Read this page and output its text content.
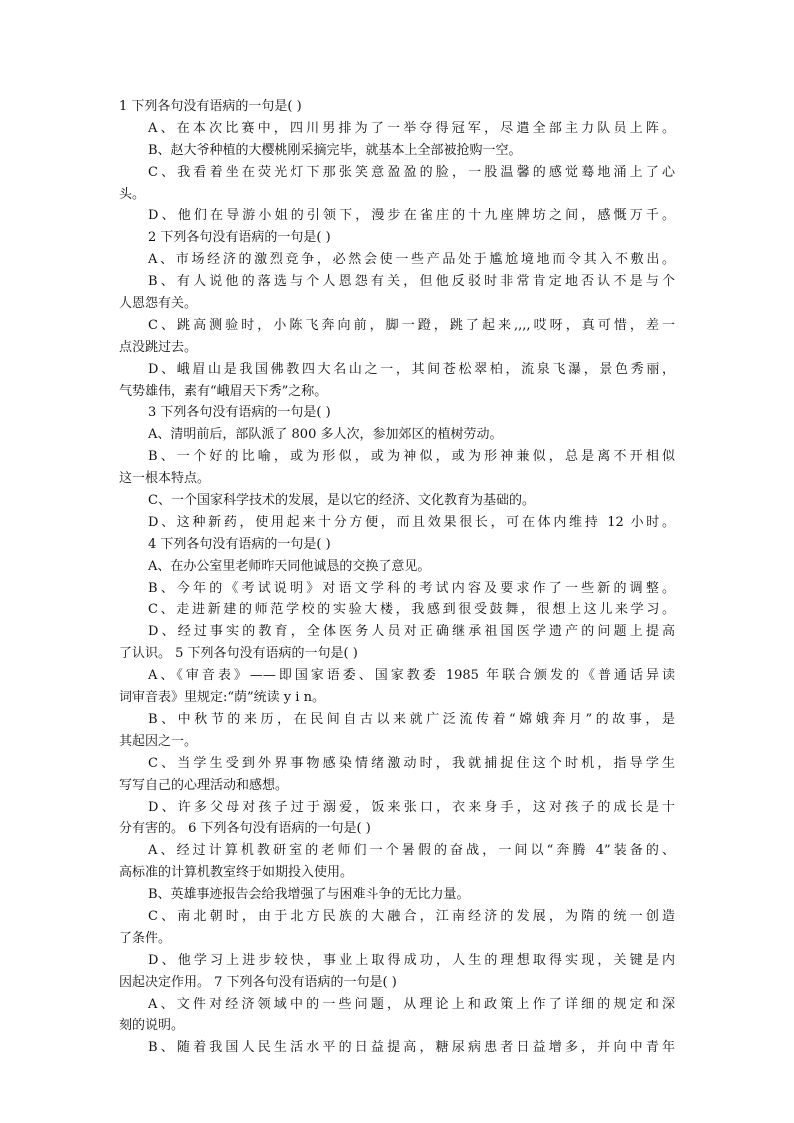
1 下列各句没有语病的一句是( )
A、在本次比赛中，四川男排为了一举夺得冠军，尽遣全部主力队员上阵。
B、赵大爷种植的大樱桃刚采摘完毕，就基本上全部被抢购一空。
C、我看着坐在荧光灯下那张笑意盈盈的脸，一股温馨的感觉蓦地涌上了心
头。
D、他们在导游小姐的引领下，漫步在雀庄的十九座牌坊之间，感慨万千。
2 下列各句没有语病的一句是( )
A、市场经济的激烈竞争，必然会使一些产品处于尴尬境地而令其入不敷出。
B、有人说他的落选与个人恩怨有关，但他反驳时非常肯定地否认不是与个
人恩怨有关。
C、跳高测验时，小陈飞奔向前，脚一蹬，跳了起来,,,,哎呀，真可惜，差一
点没跳过去。
D、峨眉山是我国佛教四大名山之一，其间苍松翠柏，流泉飞瀑，景色秀丽，
气势雄伟，素有“峨眉天下秀”之称。
3 下列各句没有语病的一句是( )
A、清明前后，部队派了 800 多人次，参加郊区的植树劳动。
B、一个好的比喻，或为形似，或为神似，或为形神兼似，总是离不开相似
这一根本特点。
C、一个国家科学技术的发展，是以它的经济、文化教育为基础的。
D、这种新药，使用起来十分方便，而且效果很长，可在体内维持 12 小时。
4 下列各句没有语病的一句是( )
A、在办公室里老师昨天同他诚恳的交换了意见。
B、今年的《考试说明》对语文学科的考试内容及要求作了一些新的调整。
C、走进新建的师范学校的实验大楼，我感到很受鼓舞，很想上这儿来学习。
D、经过事实的教育，全体医务人员对正确继承祖国医学遗产的问题上提高
了认识。 5 下列各句没有语病的一句是( )
A、《审音表》——即国家语委、国家教委 1985 年联合颁发的《普通话异读
词审音表》里规定:“荫”统读 y i n。
B、中秋节的来历，在民间自古以来就广泛流传着“嫦娥奔月”的故事，是
其起因之一。
C、当学生受到外界事物感染情绪激动时，我就捕捉住这个时机，指导学生
写写自己的心理活动和感想。
D、许多父母对孩子过于溺爱，饭来张口，衣来身手，这对孩子的成长是十
分有害的。 6 下列各句没有语病的一句是( )
A、经过计算机教研室的老师们一个暑假的奋战，一间以“奔腾 4”装备的、
高标准的计算机教室终于如期投入使用。
B、英雄事迹报告会给我增强了与困难斗争的无比力量。
C、南北朝时，由于北方民族的大融合，江南经济的发展，为隋的统一创造
了条件。
D、他学习上进步较快，事业上取得成功，人生的理想取得实现，关键是内
因起决定作用。 7 下列各句没有语病的一句是( )
A、文件对经济领域中的一些问题，从理论上和政策上作了详细的规定和深
刻的说明。
B、随着我国人民生活水平的日益提高，糖尿病患者日益增多，并向中青年
